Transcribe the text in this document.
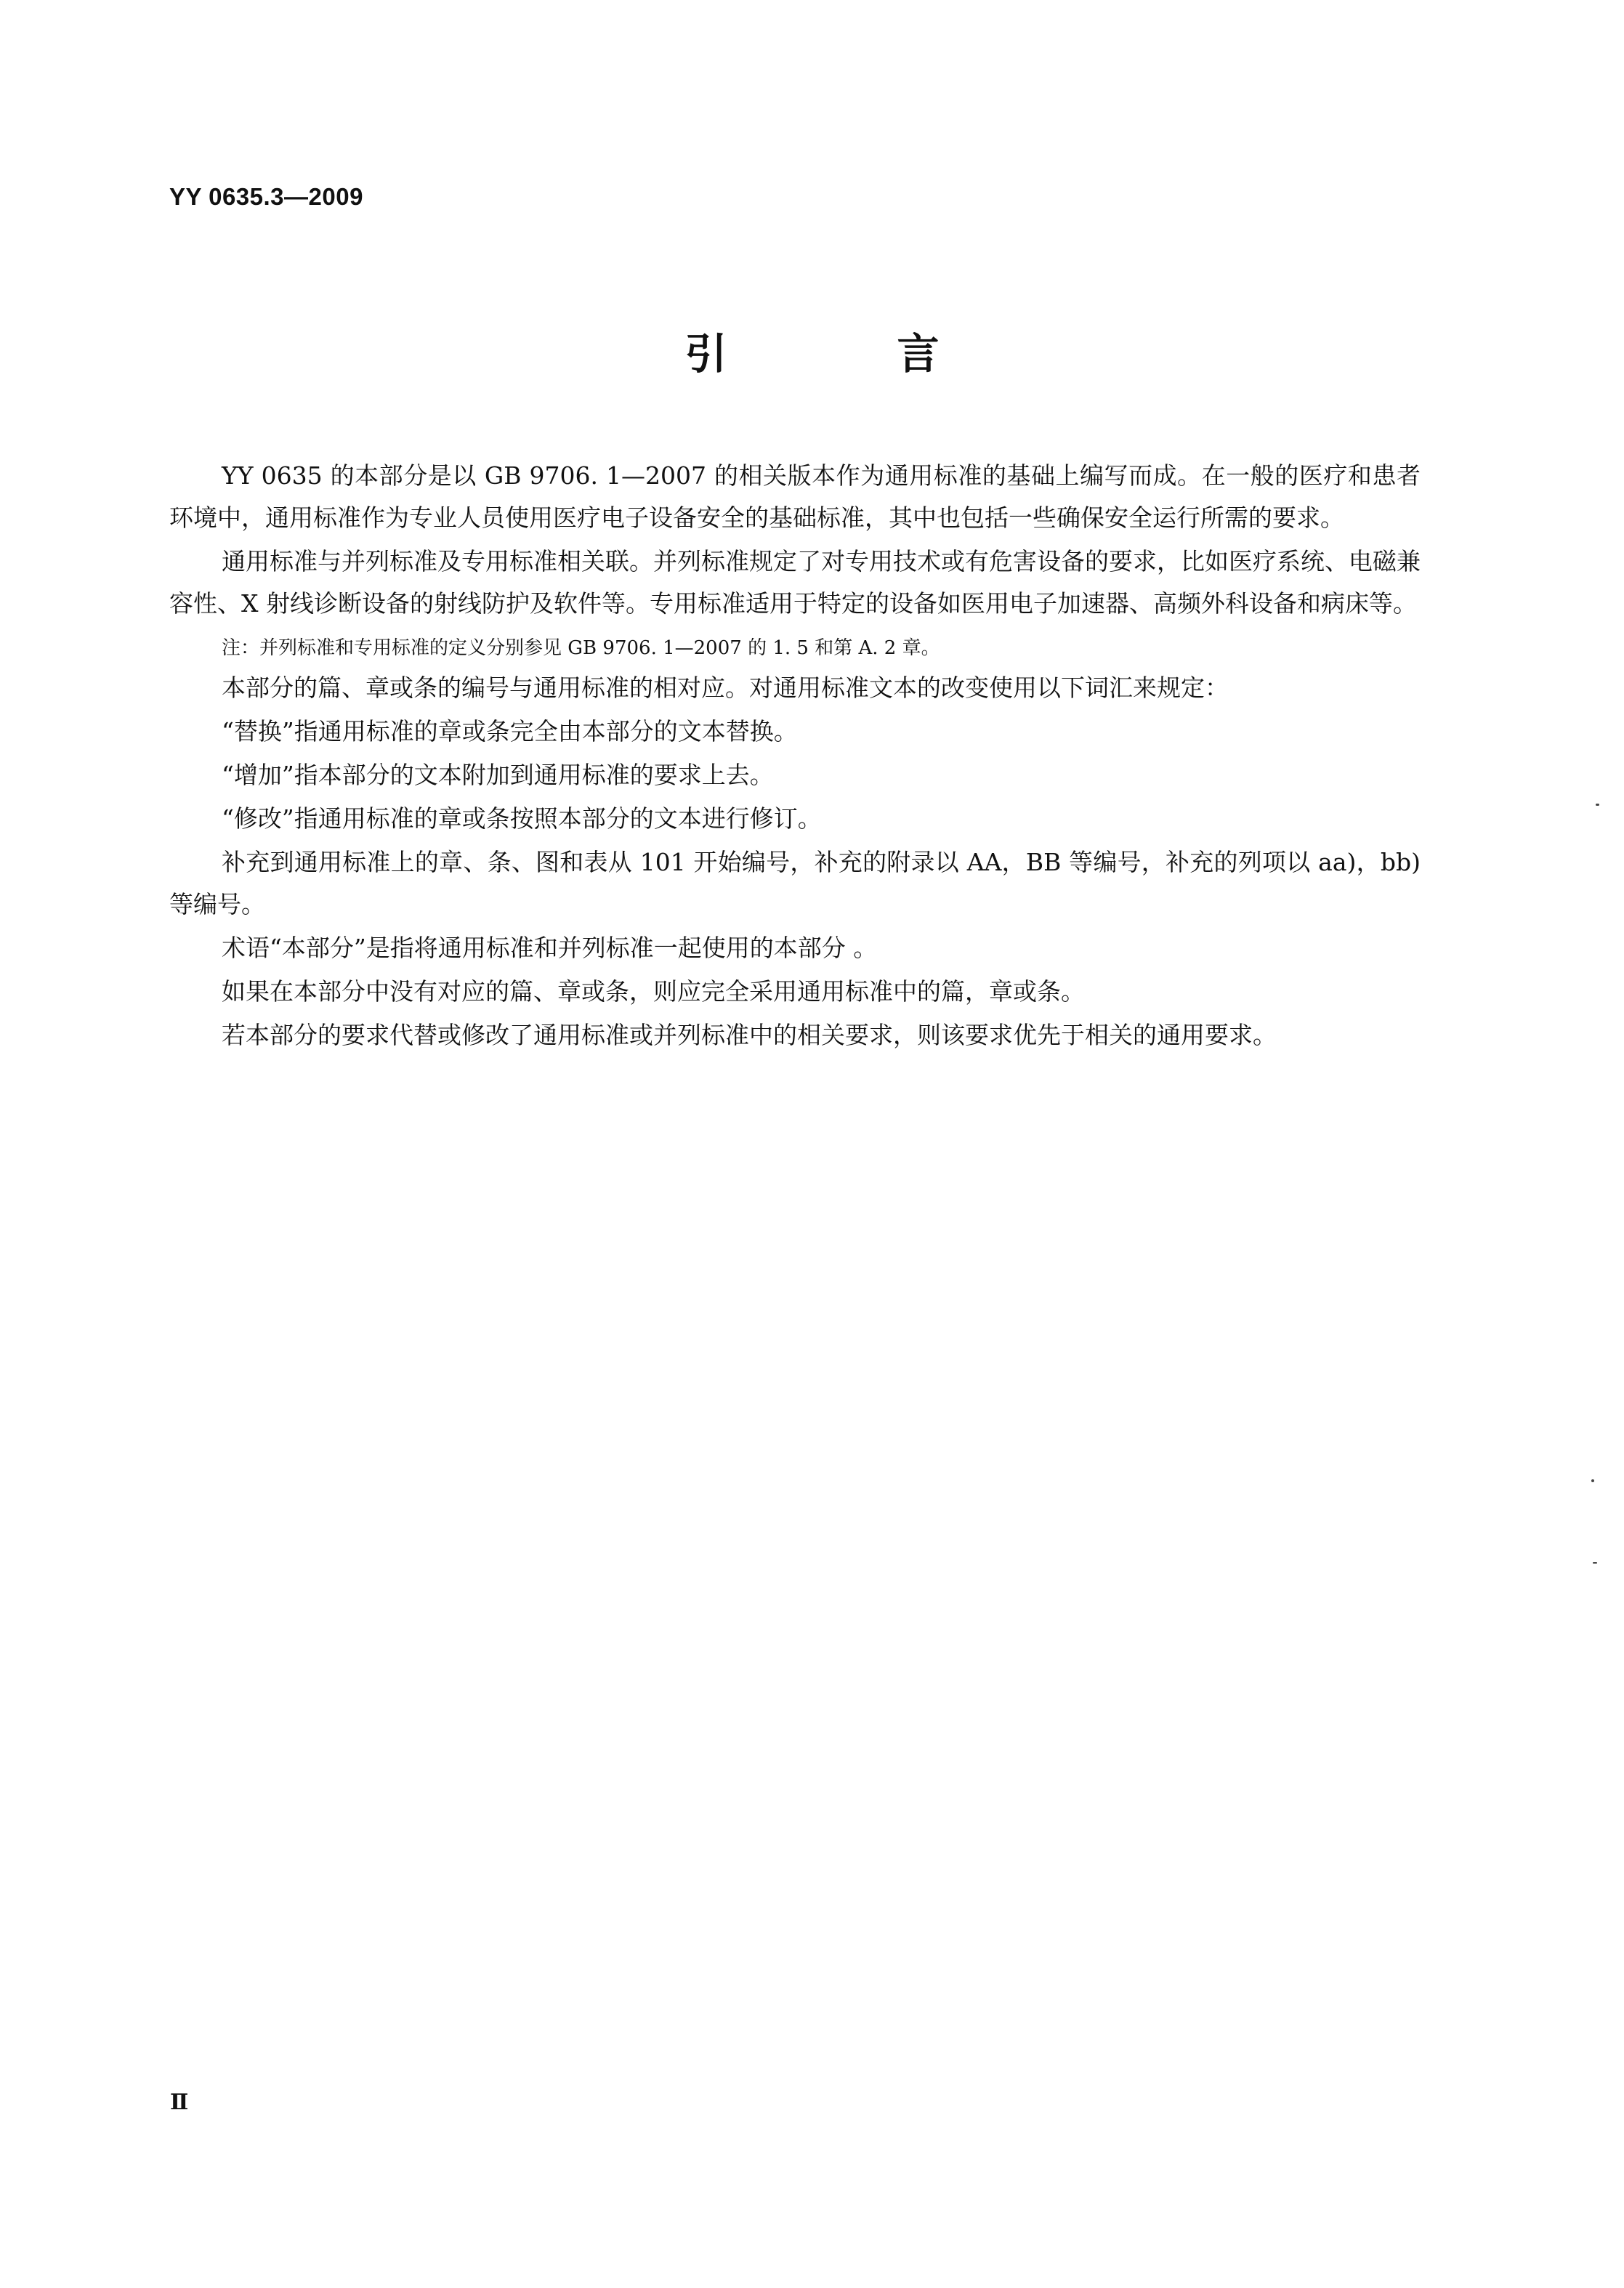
YY 0635.3—2009
引　言

YY 0635 的本部分是以 GB 9706. 1—2007 的相关版本作为通用标准的基础上编写而成。在一般的医疗和患者环境中，通用标准作为专业人员使用医疗电子设备安全的基础标准，其中也包括一些确保安全运行所需的要求。

通用标准与并列标准及专用标准相关联。并列标准规定了对专用技术或有危害设备的要求，比如医疗系统、电磁兼容性、X 射线诊断设备的射线防护及软件等。专用标准适用于特定的设备如医用电子加速器、高频外科设备和病床等。

注：并列标准和专用标准的定义分别参见 GB 9706. 1—2007 的 1. 5 和第 A. 2 章。

本部分的篇、章或条的编号与通用标准的相对应。对通用标准文本的改变使用以下词汇来规定：

“替换”指通用标准的章或条完全由本部分的文本替换。

“增加”指本部分的文本附加到通用标准的要求上去。

“修改”指通用标准的章或条按照本部分的文本进行修订。

补充到通用标准上的章、条、图和表从 101 开始编号，补充的附录以 AA，BB 等编号，补充的列项以 aa)，bb)等编号。

术语“本部分”是指将通用标准和并列标准一起使用的本部分 。

如果在本部分中没有对应的篇、章或条，则应完全采用通用标准中的篇，章或条。

若本部分的要求代替或修改了通用标准或并列标准中的相关要求，则该要求优先于相关的通用要求。

Ⅱ
